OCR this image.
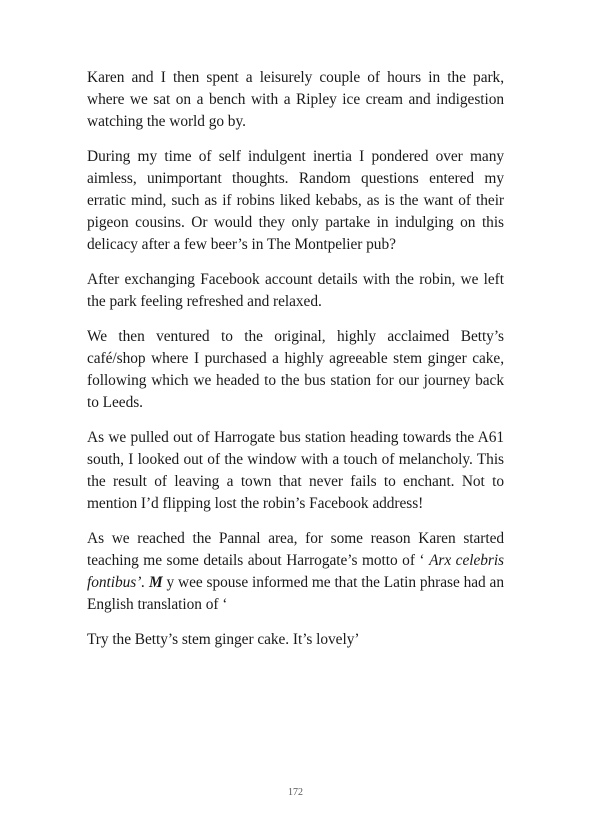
Karen and I then spent a leisurely couple of hours in the park, where we sat on a bench with a Ripley ice cream and indigestion watching the world go by.

During my time of self indulgent inertia I pondered over many aimless, unimportant thoughts. Random questions entered my erratic mind, such as if robins liked kebabs, as is the want of their pigeon cousins. Or would they only partake in indulging on this delicacy after a few beer’s in The Montpelier pub?

After exchanging Facebook account details with the robin, we left the park feeling refreshed and relaxed.

We then ventured to the original, highly acclaimed Betty’s café/shop where I purchased a highly agreeable stem ginger cake, following which we headed to the bus station for our journey back to Leeds.

As we pulled out of Harrogate bus station heading towards the A61 south, I looked out of the window with a touch of melancholy. This the result of leaving a town that never fails to enchant. Not to mention I’d flipping lost the robin’s Facebook address!

As we reached the Pannal area, for some reason Karen started teaching me some details about Harrogate’s motto of ‘ Arx celebris fontibus’. M y wee spouse informed me that the Latin phrase had an English translation of ‘

Try the Betty’s stem ginger cake. It’s lovely’

172
